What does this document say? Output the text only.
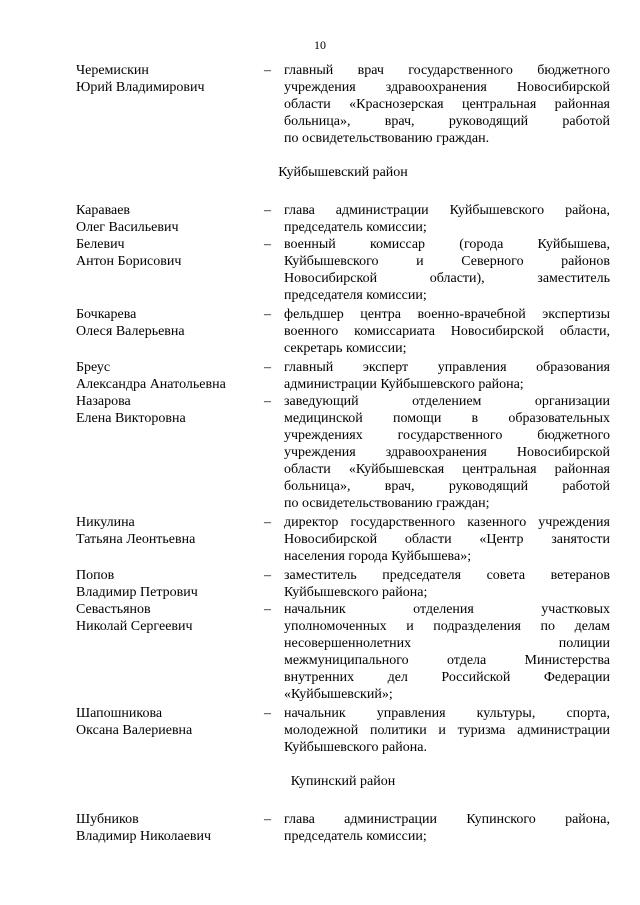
10
Черемискин
Юрий Владимирович
– главный врач государственного бюджетного
учреждения здравоохранения Новосибирской
области «Краснозерская центральная районная
больница», врач, руководящий работой
по освидетельствованию граждан.
Куйбышевский район
Караваев
Олег Васильевич
– глава администрации Куйбышевского района,
председатель комиссии;
Белевич
Антон Борисович
– военный комиссар (города Куйбышева,
Куйбышевского и Северного районов
Новосибирской области), заместитель
председателя комиссии;
Бочкарева
Олеся Валерьевна
– фельдшер центра военно-врачебной экспертизы
военного комиссариата Новосибирской области,
секретарь комиссии;
Бреус
Александра Анатольевна
– главный эксперт управления образования
администрации Куйбышевского района;
Назарова
Елена Викторовна
– заведующий отделением организации
медицинской помощи в образовательных
учреждениях государственного бюджетного
учреждения здравоохранения Новосибирской
области «Куйбышевская центральная районная
больница», врач, руководящий работой
по освидетельствованию граждан;
Никулина
Татьяна Леонтьевна
– директор государственного казенного учреждения
Новосибирской области «Центр занятости
населения города Куйбышева»;
Попов
Владимир Петрович
– заместитель председателя совета ветеранов
Куйбышевского района;
Севастьянов
Николай Сергеевич
– начальник отделения участковых
уполномоченных и подразделения по делам
несовершеннолетних полиции
межмуниципального отдела Министерства
внутренних дел Российской Федерации
«Куйбышевский»;
Шапошникова
Оксана Валериевна
– начальник управления культуры, спорта,
молодежной политики и туризма администрации
Куйбышевского района.
Купинский район
Шубников
Владимир Николаевич
– глава администрации Купинского района,
председатель комиссии;
